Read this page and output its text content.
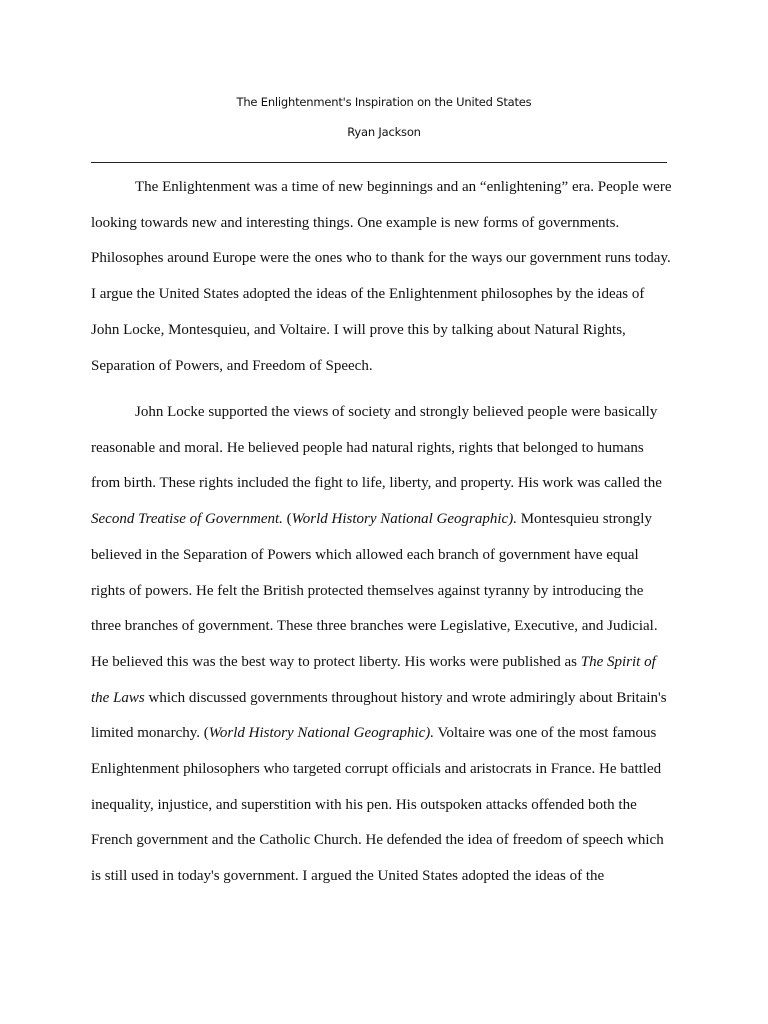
The Enlightenment's Inspiration on the United States
Ryan Jackson

The Enlightenment was a time of new beginnings and an “enlightening” era. People were
looking towards new and interesting things. One example is new forms of governments.
Philosophes around Europe were the ones who to thank for the ways our government runs today.
I argue the United States adopted the ideas of the Enlightenment philosophes by the ideas of
John Locke, Montesquieu, and Voltaire. I will prove this by talking about Natural Rights,
Separation of Powers, and Freedom of Speech.

John Locke supported the views of society and strongly believed people were basically
reasonable and moral. He believed people had natural rights, rights that belonged to humans
from birth. These rights included the fight to life, liberty, and property. His work was called the
Second Treatise of Government. (World History National Geographic). Montesquieu strongly
believed in the Separation of Powers which allowed each branch of government have equal
rights of powers. He felt the British protected themselves against tyranny by introducing the
three branches of government. These three branches were Legislative, Executive, and Judicial.
He believed this was the best way to protect liberty. His works were published as The Spirit of
the Laws which discussed governments throughout history and wrote admiringly about Britain's
limited monarchy. (World History National Geographic). Voltaire was one of the most famous
Enlightenment philosophers who targeted corrupt officials and aristocrats in France. He battled
inequality, injustice, and superstition with his pen. His outspoken attacks offended both the
French government and the Catholic Church. He defended the idea of freedom of speech which
is still used in today's government. I argued the United States adopted the ideas of the
